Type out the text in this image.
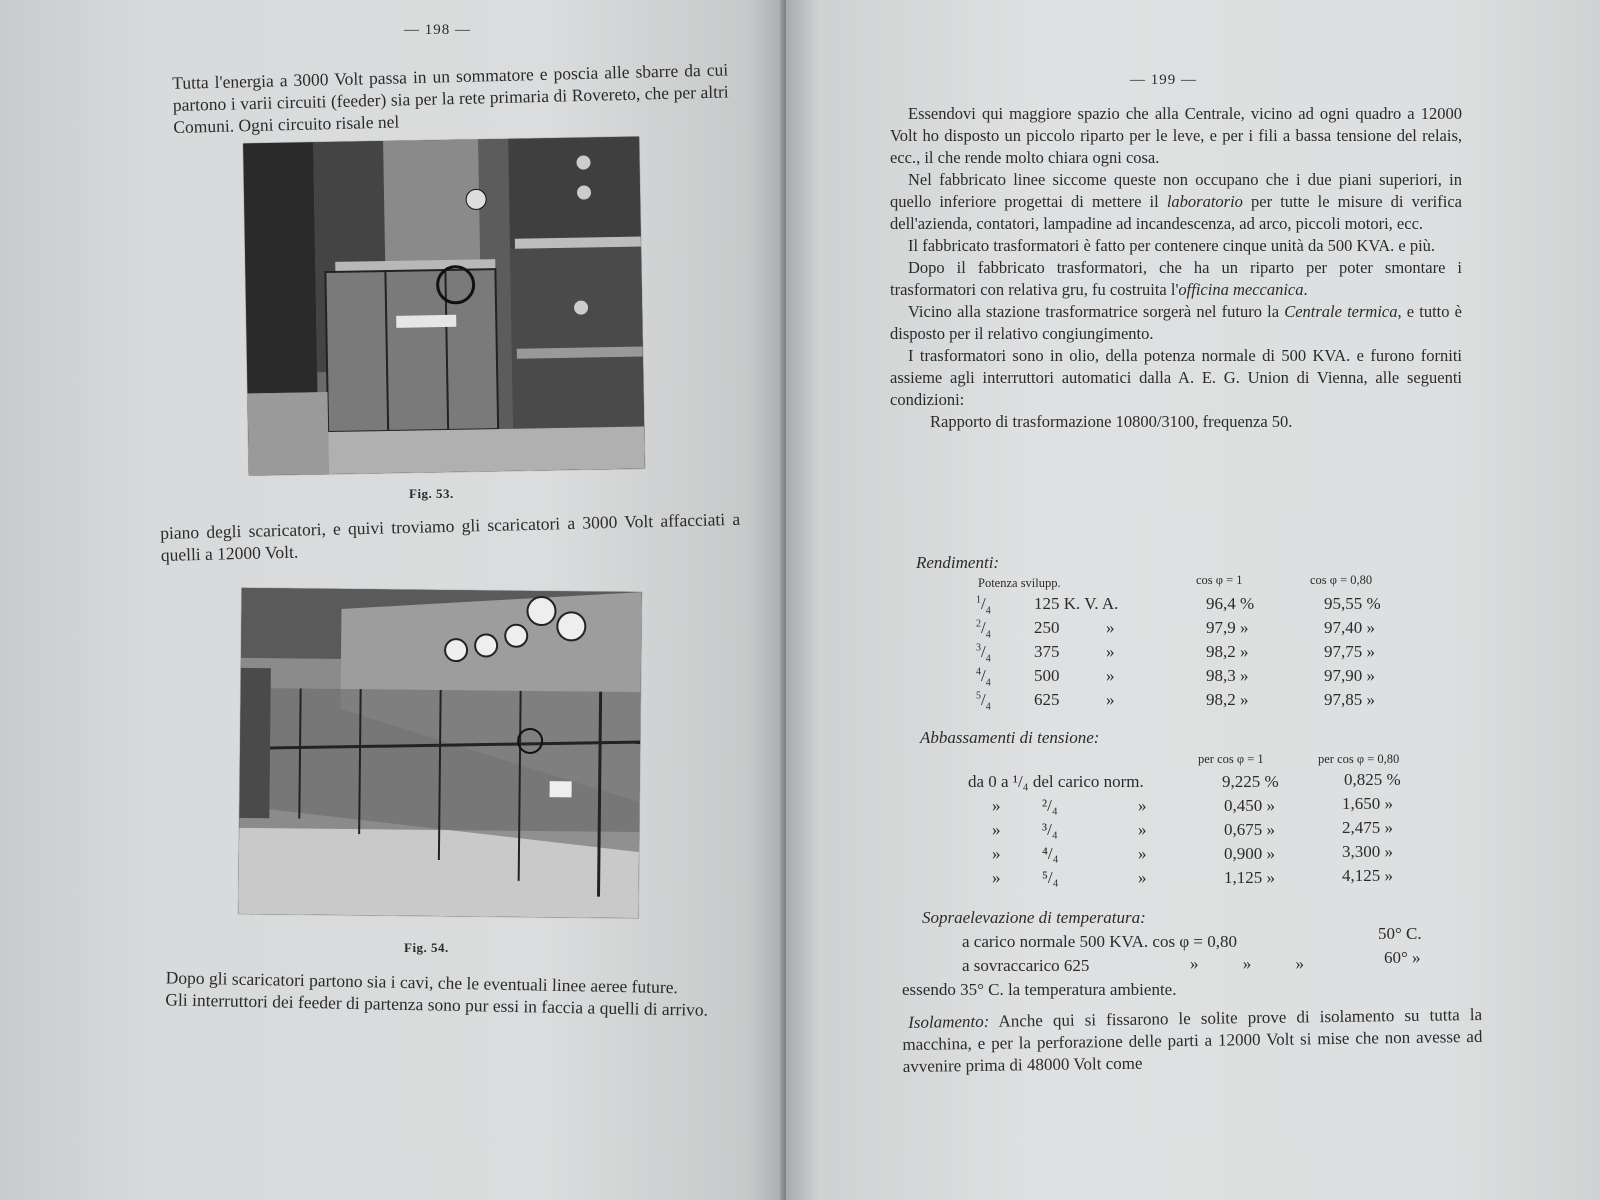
— 198 —

Tutta l'energia a 3000 Volt passa in un sommatore e poscia alle sbarre da cui partono i varii circuiti (feeder) sia per la rete primaria di Rovereto, che per altri Comuni. Ogni circuito risale nel

Fig. 53.

piano degli scaricatori, e quivi troviamo gli scaricatori a 3000 Volt affacciati a quelli a 12000 Volt.

Fig. 54.

Dopo gli scaricatori partono sia i cavi, che le eventuali linee aeree future.

Gli interruttori dei feeder di partenza sono pur essi in faccia a quelli di arrivo.

— 199 —

Essendovi qui maggiore spazio che alla Centrale, vicino ad ogni quadro a 12000 Volt ho disposto un piccolo riparto per le leve, e per i fili a bassa tensione del relais, ecc., il che rende molto chiara ogni cosa.

Nel fabbricato linee siccome queste non occupano che i due piani superiori, in quello inferiore progettai di mettere il laboratorio per tutte le misure di verifica dell'azienda, contatori, lampadine ad incandescenza, ad arco, piccoli motori, ecc.

Il fabbricato trasformatori è fatto per contenere cinque unità da 500 KVA. e più.

Dopo il fabbricato trasformatori, che ha un riparto per poter smontare i trasformatori con relativa gru, fu costruita l'officina meccanica.

Vicino alla stazione trasformatrice sorgerà nel futuro la Centrale termica, e tutto è disposto per il relativo congiungimento.

I trasformatori sono in olio, della potenza normale di 500 KVA. e furono forniti assieme agli interruttori automatici dalla A. E. G. Union di Vienna, alle seguenti condizioni:

Rapporto di trasformazione 10800/3100, frequenza 50.

Rendimenti:
Potenza svilupp.	cos φ = 1	cos φ = 0,80
$^1/_4$	125 K. V. A.	96,4 %	95,55 %
$^2/_4$	250	»	97,9 »	97,40 »
$^3/_4$	375	»	98,2 »	97,75 »
$^4/_4$	500	»	98,3 »	97,90 »
$^5/_4$	625	»	98,2 »	97,85 »
Abbassamenti di tensione:
per cos φ = 1	per cos φ = 0,80
da 0 a ¹/₄ del carico norm.	9,225 %	0,825 %
» ²/₄	»	0,450 »	1,650 »
» ³/₄	»	0,675 »	2,475 »
» ⁴/₄	»	0,900 »	3,300 »
» ⁵/₄	»	1,125 »	4,125 »
Sopraelevazione di temperatura:
a carico normale 500 KVA. cos φ = 0,80	50° C.
a sovraccarico 625	» » »	60° »
essendo 35° C. la temperatura ambiente.

Isolamento: Anche qui si fissarono le solite prove di isolamento su tutta la macchina, e per la perforazione delle parti a 12000 Volt si mise che non avesse ad avvenire prima di 48000 Volt come
